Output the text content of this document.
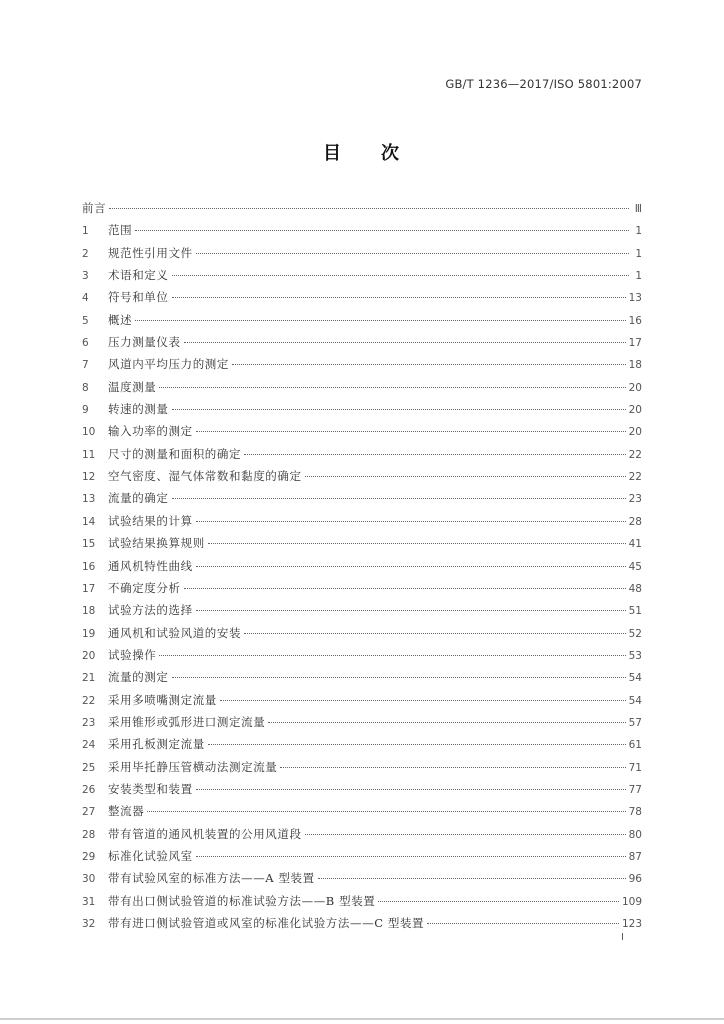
GB/T 1236—2017/ISO 5801:2007
目 次
前言	Ⅲ
1	范围	1
2	规范性引用文件	1
3	术语和定义	1
4	符号和单位	13
5	概述	16
6	压力测量仪表	17
7	风道内平均压力的测定	18
8	温度测量	20
9	转速的测量	20
10	输入功率的测定	20
11	尺寸的测量和面积的确定	22
12	空气密度、湿气体常数和黏度的确定	22
13	流量的确定	23
14	试验结果的计算	28
15	试验结果换算规则	41
16	通风机特性曲线	45
17	不确定度分析	48
18	试验方法的选择	51
19	通风机和试验风道的安装	52
20	试验操作	53
21	流量的测定	54
22	采用多喷嘴测定流量	54
23	采用锥形或弧形进口测定流量	57
24	采用孔板测定流量	61
25	采用毕托静压管横动法测定流量	71
26	安装类型和装置	77
27	整流器	78
28	带有管道的通风机装置的公用风道段	80
29	标准化试验风室	87
30	带有试验风室的标准方法——A 型装置	96
31	带有出口侧试验管道的标准试验方法——B 型装置	109
32	带有进口侧试验管道或风室的标准化试验方法——C 型装置	123
I
